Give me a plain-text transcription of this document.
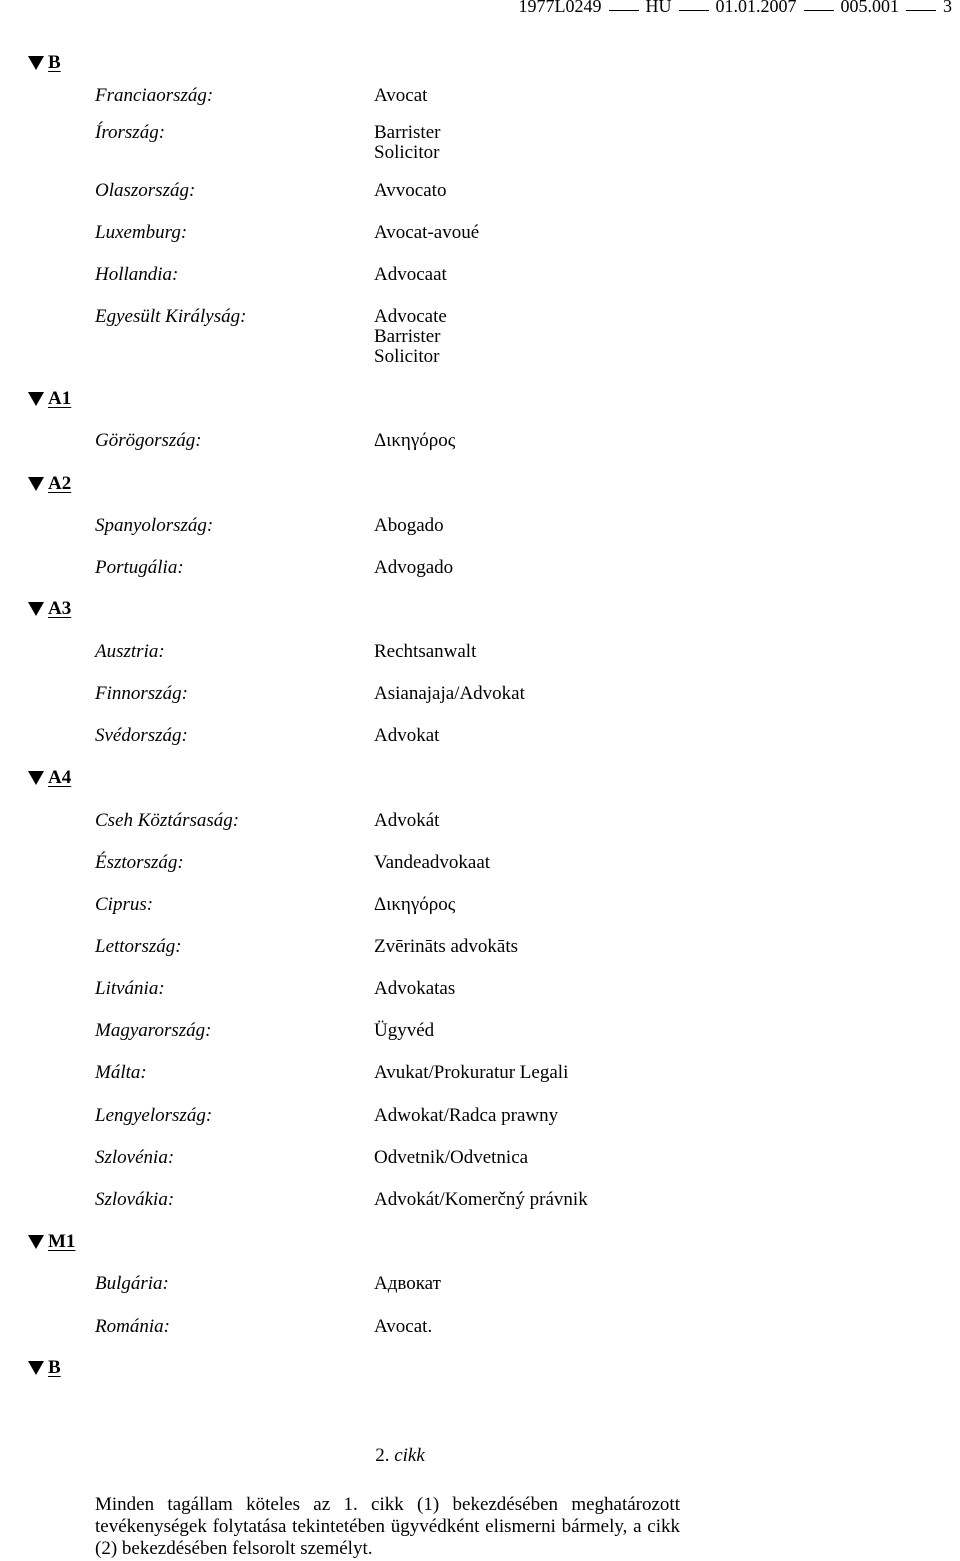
1977L0249 HU 01.01.2007 005.001 3
B
Franciaország:	Avocat
Írország:	Barrister
Solicitor
Olaszország:	Avvocato
Luxemburg:	Avocat-avoué
Hollandia:	Advocaat
Egyesült Királyság:	Advocate
Barrister
Solicitor
A1
Görögország:	Δικηγόρος
A2
Spanyolország:	Abogado
Portugália:	Advogado
A3
Ausztria:	Rechtsanwalt
Finnország:	Asianajaja/Advokat
Svédország:	Advokat
A4
Cseh Köztársaság:	Advokát
Észtország:	Vandeadvokaat
Ciprus:	Δικηγόρος
Lettország:	Zvērināts advokāts
Litvánia:	Advokatas
Magyarország:	Ügyvéd
Málta:	Avukat/Prokuratur Legali
Lengyelország:	Adwokat/Radca prawny
Szlovénia:	Odvetnik/Odvetnica
Szlovákia:	Advokát/Komerčný právnik
M1
Bulgária:	Адвокат
Románia:	Avocat.
B
2. cikk
Minden tagállam köteles az 1. cikk (1) bekezdésében meghatározott tevékenységek folytatása tekintetében ügyvédként elismerni bármely, a cikk (2) bekezdésében felsorolt személyt.
